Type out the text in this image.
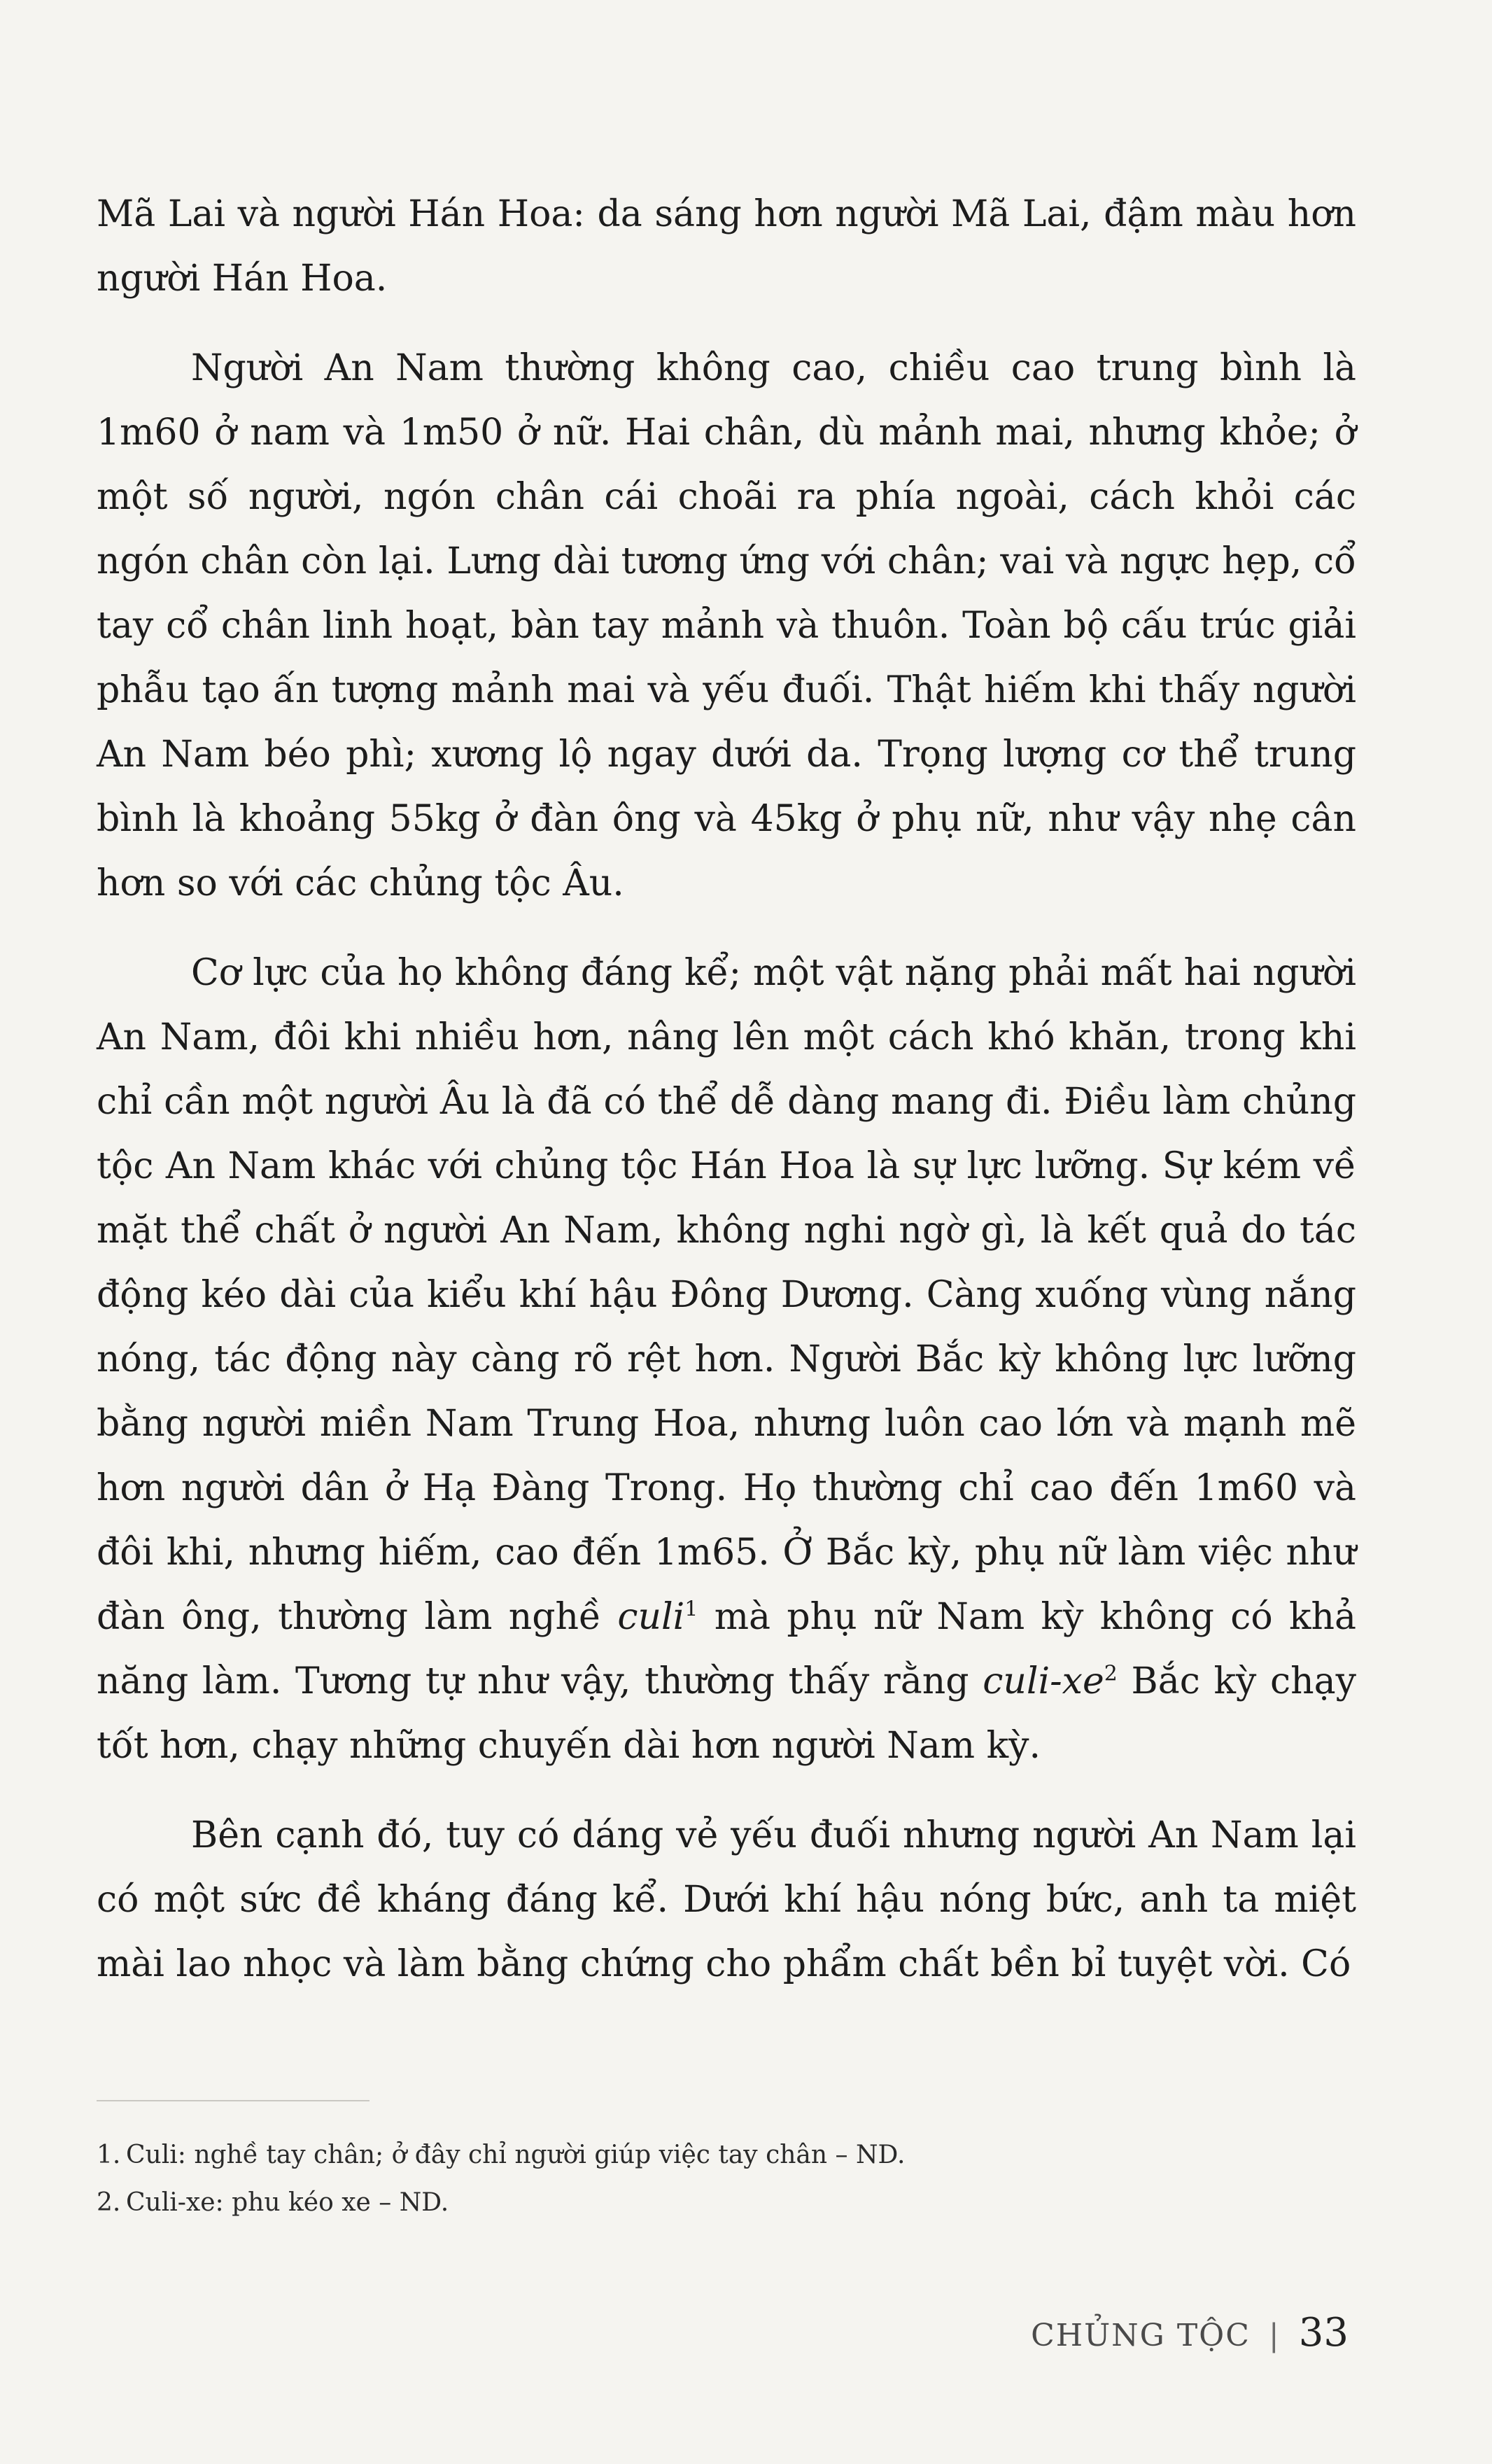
Mã Lai và người Hán Hoa: da sáng hơn người Mã Lai, đậm màu hơn người Hán Hoa.

Người An Nam thường không cao, chiều cao trung bình là 1m60 ở nam và 1m50 ở nữ. Hai chân, dù mảnh mai, nhưng khỏe; ở một số người, ngón chân cái choãi ra phía ngoài, cách khỏi các ngón chân còn lại. Lưng dài tương ứng với chân; vai và ngực hẹp, cổ tay cổ chân linh hoạt, bàn tay mảnh và thuôn. Toàn bộ cấu trúc giải phẫu tạo ấn tượng mảnh mai và yếu đuối. Thật hiếm khi thấy người An Nam béo phì; xương lộ ngay dưới da. Trọng lượng cơ thể trung bình là khoảng 55kg ở đàn ông và 45kg ở phụ nữ, như vậy nhẹ cân hơn so với các chủng tộc Âu.

Cơ lực của họ không đáng kể; một vật nặng phải mất hai người An Nam, đôi khi nhiều hơn, nâng lên một cách khó khăn, trong khi chỉ cần một người Âu là đã có thể dễ dàng mang đi. Điều làm chủng tộc An Nam khác với chủng tộc Hán Hoa là sự lực lưỡng. Sự kém về mặt thể chất ở người An Nam, không nghi ngờ gì, là kết quả do tác động kéo dài của kiểu khí hậu Đông Dương. Càng xuống vùng nắng nóng, tác động này càng rõ rệt hơn. Người Bắc kỳ không lực lưỡng bằng người miền Nam Trung Hoa, nhưng luôn cao lớn và mạnh mẽ hơn người dân ở Hạ Đàng Trong. Họ thường chỉ cao đến 1m60 và đôi khi, nhưng hiếm, cao đến 1m65. Ở Bắc kỳ, phụ nữ làm việc như đàn ông, thường làm nghề culi$^1$ mà phụ nữ Nam kỳ không có khả năng làm. Tương tự như vậy, thường thấy rằng culi-$xe^2$ Bắc kỳ chạy tốt hơn, chạy những chuyến dài hơn người Nam kỳ.

Bên cạnh đó, tuy có dáng vẻ yếu đuối nhưng người An Nam lại có một sức đề kháng đáng kể. Dưới khí hậu nóng bức, anh ta miệt mài lao nhọc và làm bằng chứng cho phẩm chất bền bỉ tuyệt vời. Có

1. Culi: nghề tay chân; ở đây chỉ người giúp việc tay chân – ND.
2. Culi-xe: phu kéo xe – ND.
CHỦNG TỘC | 33
